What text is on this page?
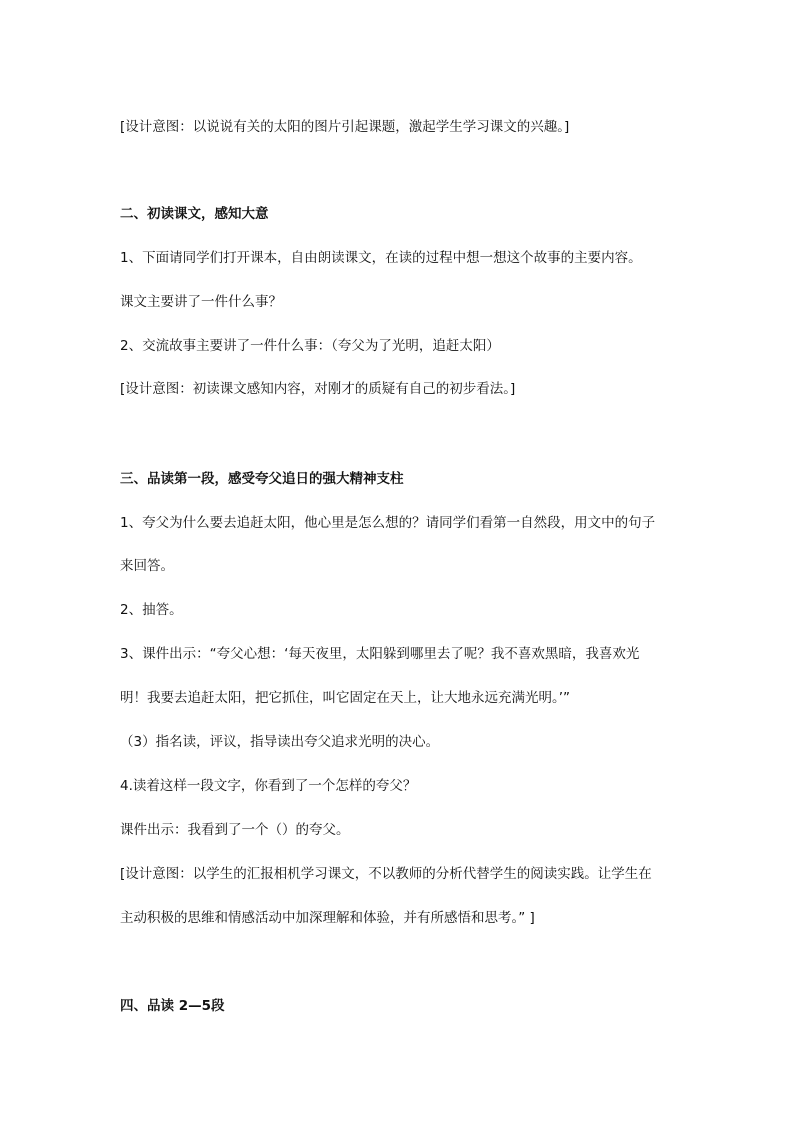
[设计意图：以说说有关的太阳的图片引起课题，激起学生学习课文的兴趣。]
二、初读课文，感知大意
1、下面请同学们打开课本，自由朗读课文，在读的过程中想一想这个故事的主要内容。
课文主要讲了一件什么事？
2、交流故事主要讲了一件什么事：（夸父为了光明，追赶太阳）
[设计意图：初读课文感知内容，对刚才的质疑有自己的初步看法。]
三、品读第一段，感受夸父追日的强大精神支柱
1、夸父为什么要去追赶太阳，他心里是怎么想的？请同学们看第一自然段，用文中的句子
来回答。
2、抽答。
3、课件出示：“夸父心想：‘每天夜里，太阳躲到哪里去了呢？我不喜欢黑暗，我喜欢光
明！我要去追赶太阳，把它抓住，叫它固定在天上，让大地永远充满光明。’”
（3）指名读，评议，指导读出夸父追求光明的决心。
4.读着这样一段文字，你看到了一个怎样的夸父？
课件出示：我看到了一个（）的夸父。
[设计意图：以学生的汇报相机学习课文，不以教师的分析代替学生的阅读实践。让学生在
主动积极的思维和情感活动中加深理解和体验，并有所感悟和思考。” ]
四、品读 2—5段
